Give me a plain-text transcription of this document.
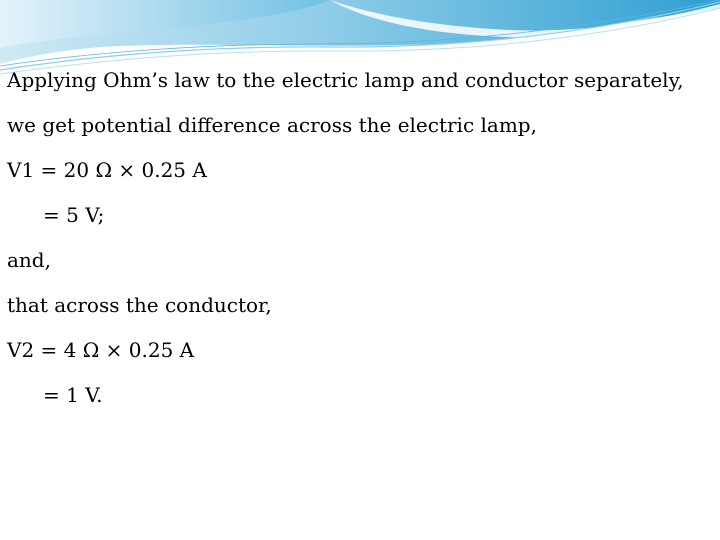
Applying Ohm’s law to the electric lamp and conductor separately,
we get potential difference across the electric lamp,
V1 = 20 Ω × 0.25 A
= 5 V;
and,
that across the conductor,
V2 = 4 Ω × 0.25 A
= 1 V.
